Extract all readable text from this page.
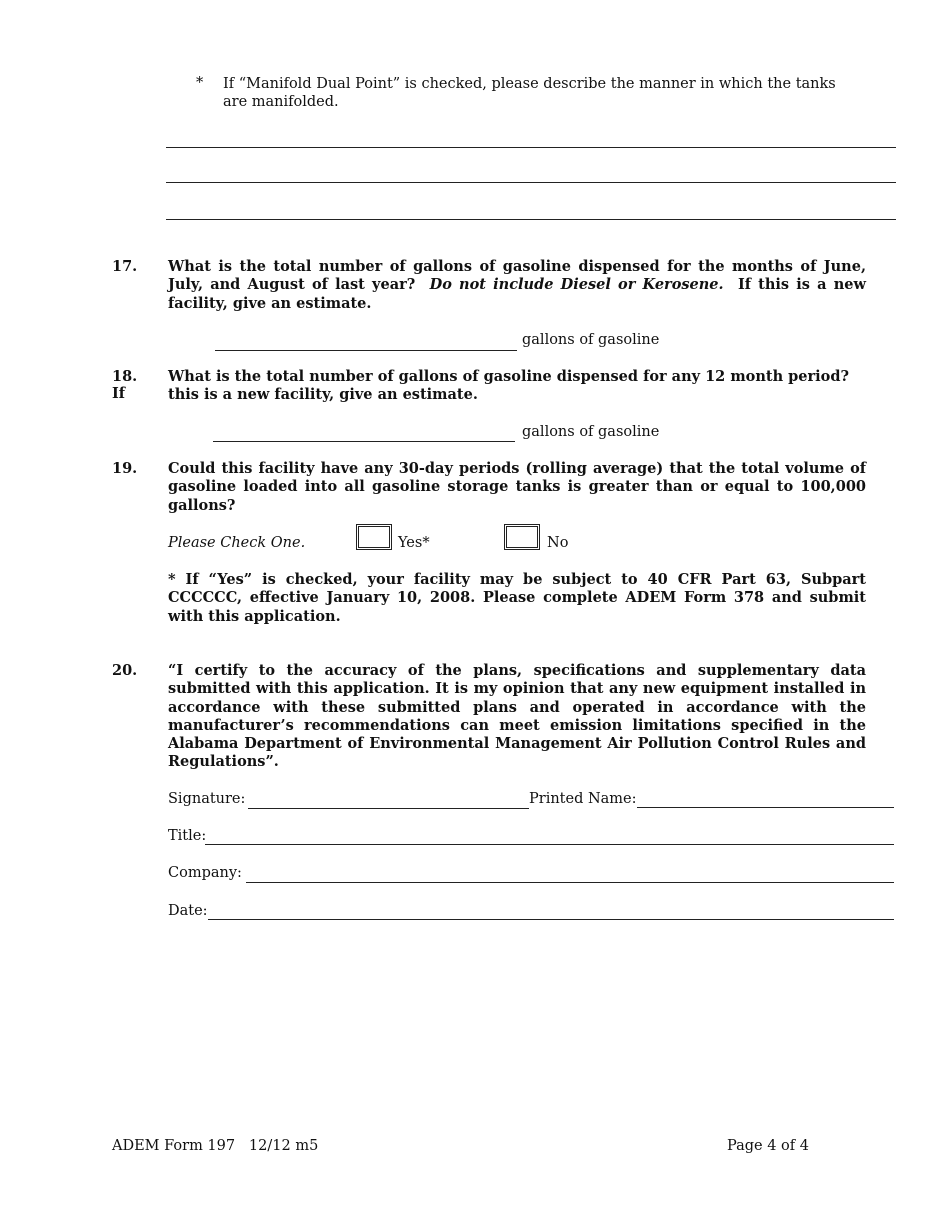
*	If “Manifold Dual Point” is checked, please describe the manner in which the tanks are manifolded.
17. What is the total number of gallons of gasoline dispensed for the months of June, July, and August of last year? Do not include Diesel or Kerosene. If this is a new facility, give an estimate.
gallons of gasoline
18.
If
What is the total number of gallons of gasoline dispensed for any 12 month period? this is a new facility, give an estimate.
gallons of gasoline
19. Could this facility have any 30-day periods (rolling average) that the total volume of gasoline loaded into all gasoline storage tanks is greater than or equal to 100,000 gallons?
Please Check One.	Yes*	No
* If “Yes” is checked, your facility may be subject to 40 CFR Part 63, Subpart CCCCCC, effective January 10, 2008. Please complete ADEM Form 378 and submit with this application.
20. “I certify to the accuracy of the plans, specifications and supplementary data submitted with this application. It is my opinion that any new equipment installed in accordance with these submitted plans and operated in accordance with the manufacturer’s recommendations can meet emission limitations specified in the Alabama Department of Environmental Management Air Pollution Control Rules and Regulations”.
Signature:	Printed Name:
Title:
Company:
Date:
ADEM Form 197   12/12 m5	Page 4 of 4
